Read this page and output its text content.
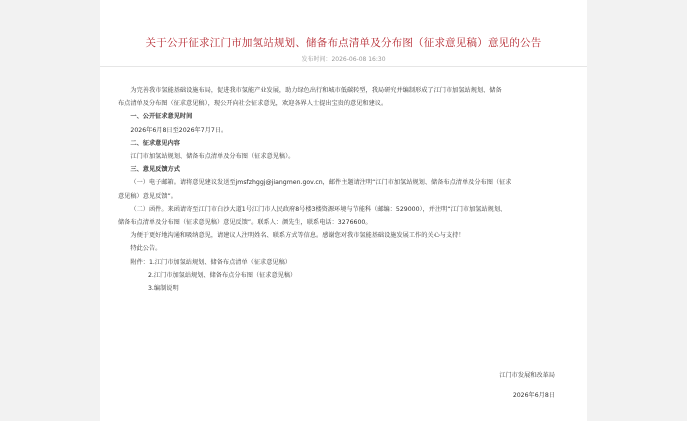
关于公开征求江门市加氢站规划、储备布点清单及分布图（征求意见稿）意见的公告
发布时间：2026-06-08 16:30

为完善我市氢能基础设施布局，促进我市氢能产业发展，助力绿色出行和城市低碳转型，我局研究并编制形成了江门市加氢站规划、储备

布点清单及分布图（征求意见稿），现公开向社会征求意见，欢迎各界人士提出宝贵的意见和建议。

一、公开征求意见时间

2026年6月8日至2026年7月7日。

二、征求意见内容

江门市加氢站规划、储备布点清单及分布图（征求意见稿）。

三、意见反馈方式

（一）电子邮箱。请将意见建议发送至jmsfzhggj@jiangmen.gov.cn，邮件主题请注明“江门市加氢站规划、储备布点清单及分布图（征求

意见稿）意见反馈”。

（二）函件。来函请寄至江门市白沙大道1号江门市人民政府8号楼3楼资源环境与节能科（邮编：529000），并注明“江门市加氢站规划、

储备布点清单及分布图（征求意见稿）意见反馈”。联系人：颜先生，联系电话：3276600。

为便于更好地沟通和吸纳意见，请建议人注明姓名、联系方式等信息。感谢您对我市氢能基础设施发展工作的关心与支持！

特此公告。

附件：1.江门市加氢站规划、储备布点清单（征求意见稿）

2.江门市加氢站规划、储备布点分布图（征求意见稿）

3.编制说明

江门市发展和改革局
2026年6月8日
